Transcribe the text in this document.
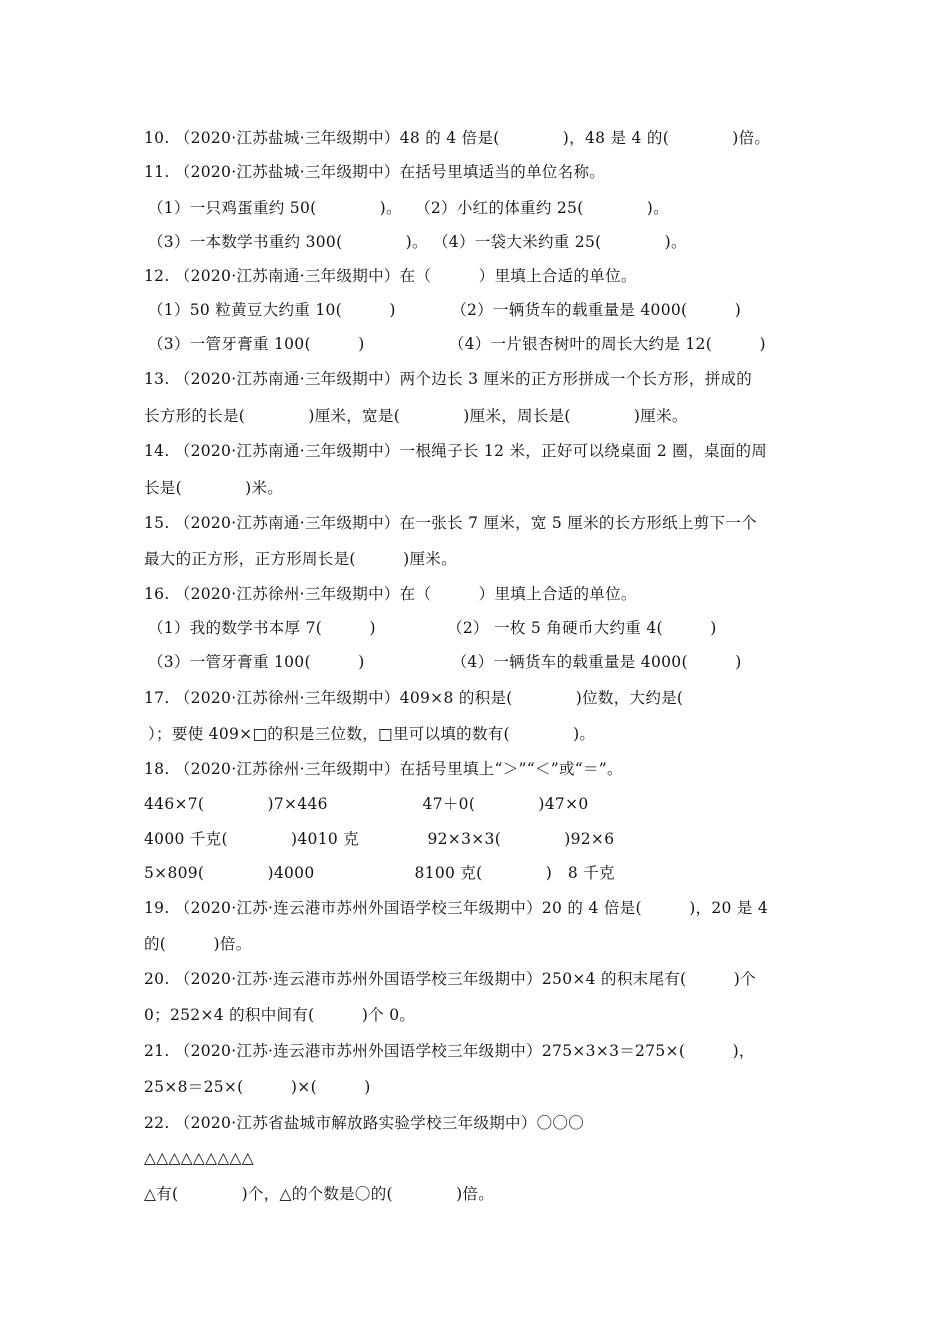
10. （2020·江苏盐城·三年级期中）48 的 4 倍是(　　　　)，48 是 4 的(　　　　)倍。
11. （2020·江苏盐城·三年级期中）在括号里填适当的单位名称。
（1）一只鸡蛋重约 50(　　　　)。　 （2）小红的体重约 25(　　　　)。
（3）一本数学书重约 300(　　　　)。 （4）一袋大米约重 25(　　　　)。
12. （2020·江苏南通·三年级期中）在（　　　）里填上合适的单位。
（1）50 粒黄豆大约重 10(　　　)　　　　（2）一辆货车的载重量是 4000(　　　)
（3）一管牙膏重 100(　　　)　　　　　 （4）一片银杏树叶的周长大约是 12(　　　)
13. （2020·江苏南通·三年级期中）两个边长 3 厘米的正方形拼成一个长方形，拼成的
长方形的长是(　　　　)厘米，宽是(　　　　)厘米，周长是(　　　　)厘米。
14. （2020·江苏南通·三年级期中）一根绳子长 12 米，正好可以绕桌面 2 圈，桌面的周
长是(　　　　)米。
15. （2020·江苏南通·三年级期中）在一张长 7 厘米，宽 5 厘米的长方形纸上剪下一个
最大的正方形，正方形周长是(　　　)厘米。
16. （2020·江苏徐州·三年级期中）在（　　　）里填上合适的单位。
（1）我的数学书本厚 7(　　　)　　　　　（2） 一枚 5 角硬币大约重 4(　　　)
（3）一管牙膏重 100(　　　)　　　　　　（4）一辆货车的载重量是 4000(　　　)
17. （2020·江苏徐州·三年级期中）409×8 的积是(　　　　)位数，大约是(
）；要使 409×□的积是三位数，□里可以填的数有(　　　　)。
18. （2020·江苏徐州·三年级期中）在括号里填上“＞”“＜”或“＝”。
446×7(　　　　)7×446　　　　　　47＋0(　　　　)47×0
4000 千克(　　　　)4010 克　　　　 92×3×3(　　　　)92×6
5×809(　　　　)4000　　　　　　 8100 克(　　　　)　8 千克
19. （2020·江苏·连云港市苏州外国语学校三年级期中）20 的 4 倍是(　　　)，20 是 4
的(　　　)倍。
20. （2020·江苏·连云港市苏州外国语学校三年级期中）250×4 的积末尾有(　　　)个
0；252×4 的积中间有(　　　)个 0。
21. （2020·江苏·连云港市苏州外国语学校三年级期中）275×3×3＝275×(　　　)，
25×8＝25×(　　　)×(　　　)
22. （2020·江苏省盐城市解放路实验学校三年级期中）〇〇〇
△△△△△△△△△
△有(　　　　)个，△的个数是〇的(　　　　)倍。
